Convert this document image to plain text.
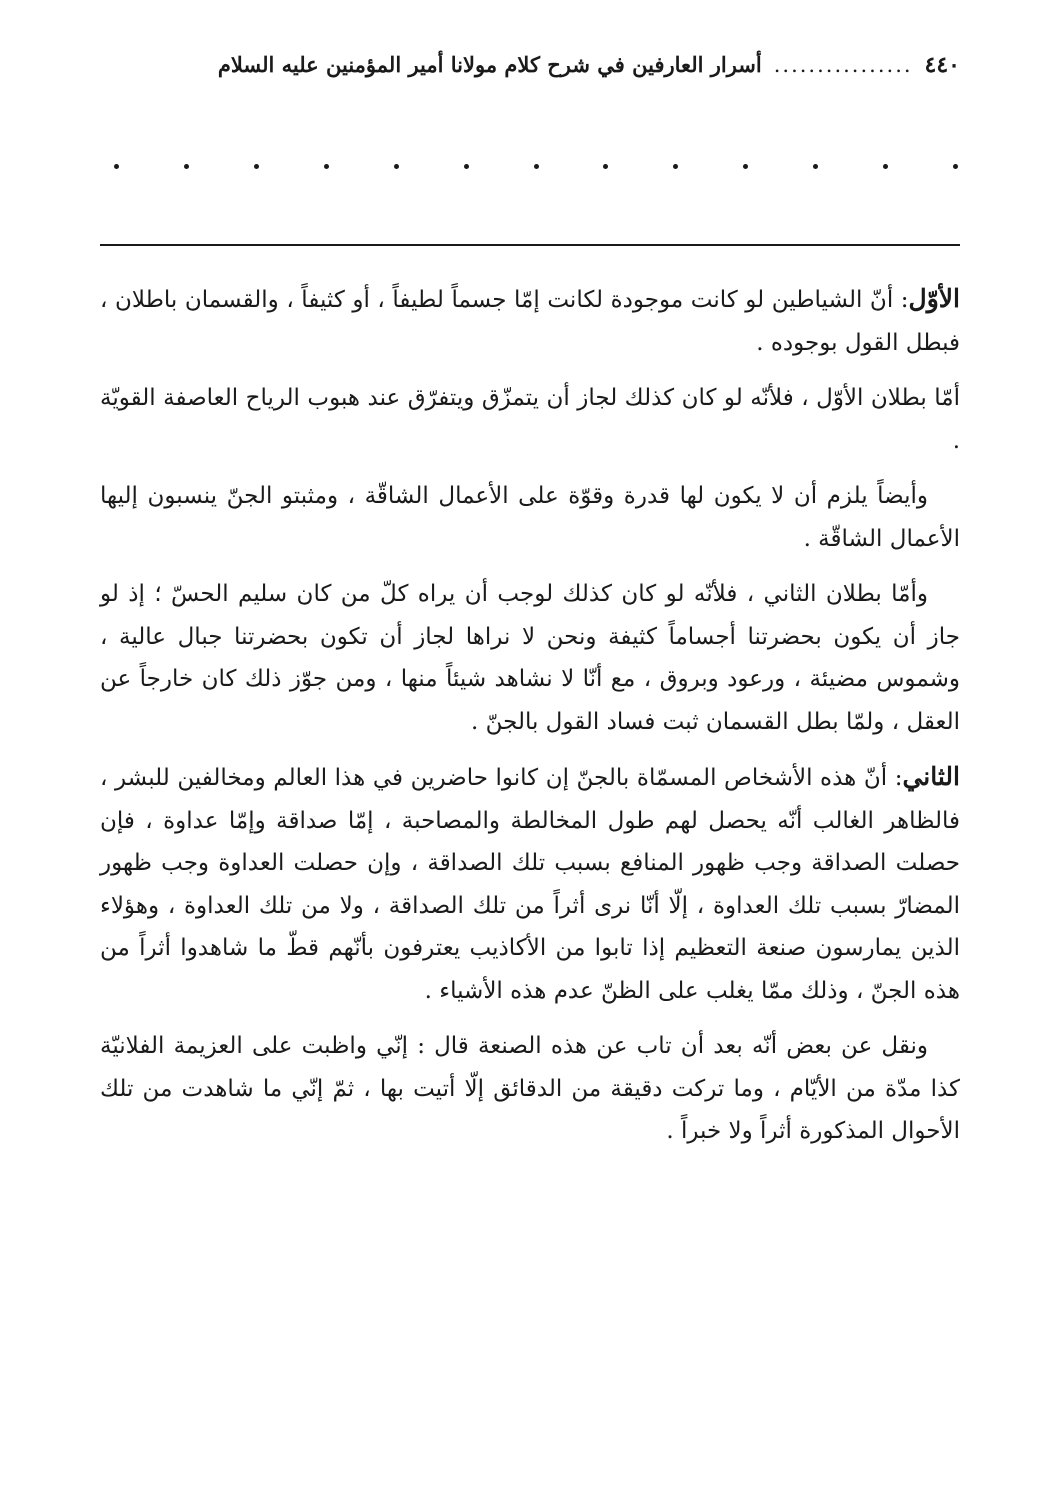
٤٤٠
................
أسرار العارفين في شرح كلام مولانا أمير المؤمنين عليه السلام

الأوّل: أنّ الشياطين لو كانت موجودة لكانت إمّا جسماً لطيفاً ، أو كثيفاً ، والقسمان باطلان ، فبطل القول بوجوده .

أمّا بطلان الأوّل ، فلأنّه لو كان كذلك لجاز أن يتمزّق ويتفرّق عند هبوب الرياح العاصفة القويّة .

وأيضاً يلزم أن لا يكون لها قدرة وقوّة على الأعمال الشاقّة ، ومثبتو الجنّ ينسبون إليها الأعمال الشاقّة .

وأمّا بطلان الثاني ، فلأنّه لو كان كذلك لوجب أن يراه كلّ من كان سليم الحسّ ؛ إذ لو جاز أن يكون بحضرتنا أجساماً كثيفة ونحن لا نراها لجاز أن تكون بحضرتنا جبال عالية ، وشموس مضيئة ، ورعود وبروق ، مع أنّا لا نشاهد شيئاً منها ، ومن جوّز ذلك كان خارجاً عن العقل ، ولمّا بطل القسمان ثبت فساد القول بالجنّ .

الثاني: أنّ هذه الأشخاص المسمّاة بالجنّ إن كانوا حاضرين في هذا العالم ومخالفين للبشر ، فالظاهر الغالب أنّه يحصل لهم طول المخالطة والمصاحبة ، إمّا صداقة وإمّا عداوة ، فإن حصلت الصداقة وجب ظهور المنافع بسبب تلك الصداقة ، وإن حصلت العداوة وجب ظهور المضارّ بسبب تلك العداوة ، إلّا أنّا نرى أثراً من تلك الصداقة ، ولا من تلك العداوة ، وهؤلاء الذين يمارسون صنعة التعظيم إذا تابوا من الأكاذيب يعترفون بأنّهم قطّ ما شاهدوا أثراً من هذه الجنّ ، وذلك ممّا يغلب على الظنّ عدم هذه الأشياء .

ونقل عن بعض أنّه بعد أن تاب عن هذه الصنعة قال : إنّي واظبت على العزيمة الفلانيّة كذا مدّة من الأيّام ، وما تركت دقيقة من الدقائق إلّا أتيت بها ، ثمّ إنّي ما شاهدت من تلك الأحوال المذكورة أثراً ولا خبراً .
